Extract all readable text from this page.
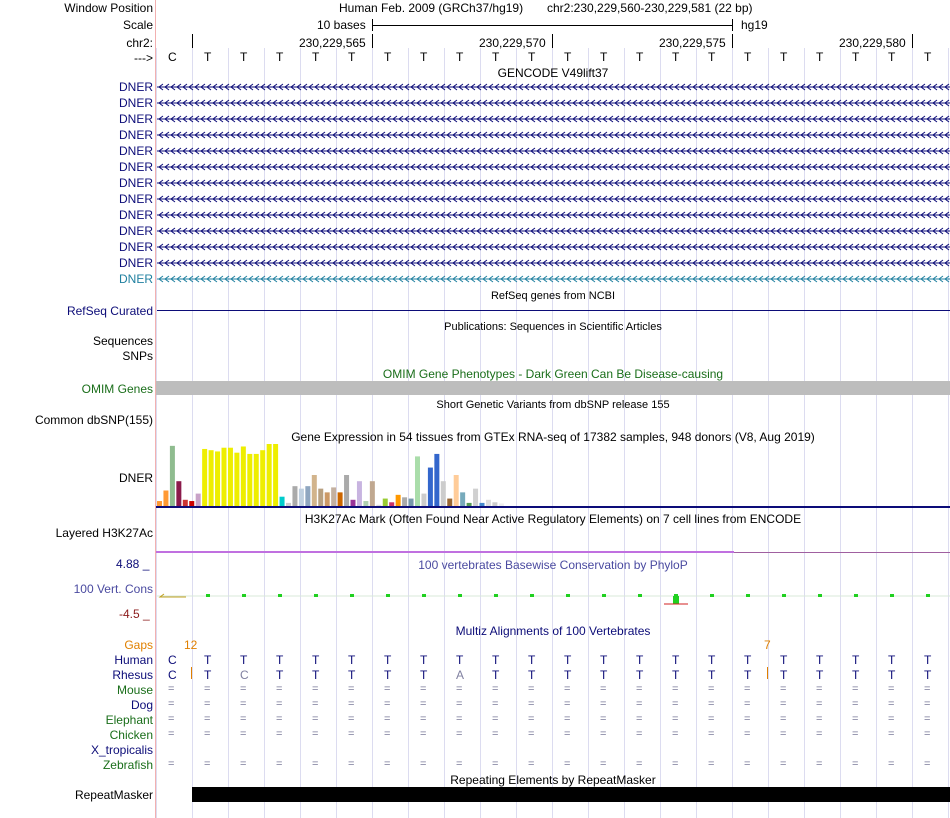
Window Position	Human Feb. 2009 (GRCh37/hg19) chr2:230,229,560-230,229,581 (22 bp)
Scale	10 bases	hg19
chr2:	230,229,565	230,229,570	230,229,575	230,229,580
---> C T T T T T T T T T T T T T T T T T T T T T
GENCODE V49lift37
DNER
DNER
DNER
DNER
DNER
DNER
DNER
DNER
DNER
DNER
DNER
DNER
DNER
RefSeq genes from NCBI
RefSeq Curated
Publications: Sequences in Scientific Articles
Sequences
SNPs
OMIM Gene Phenotypes - Dark Green Can Be Disease-causing
OMIM Genes
Short Genetic Variants from dbSNP release 155
Common dbSNP(155)
Gene Expression in 54 tissues from GTEx RNA-seq of 17382 samples, 948 donors (V8, Aug 2019)
DNER
H3K27Ac Mark (Often Found Near Active Regulatory Elements) on 7 cell lines from ENCODE
Layered H3K27Ac
4.88 _	100 vertebrates Basewise Conservation by PhyloP
100 Vert. Cons
-4.5 _
Multiz Alignments of 100 Vertebrates
Gaps	12	7
Human C T T T T T T T T T T T T T T T T T T T T T
Rhesus C T C T T T T T A T T T T T T T T T T T T T
Mouse =	=	=	=	=	=	=	=	=	=	=	=	=	=	=	=	=	=	=	=	=	=
Dog =	=	=	=	=	=	=	=	=	=	=	=	=	=	=	=	=	=	=	=	=	=
Elephant =	=	=	=	=	=	=	=	=	=	=	=	=	=	=	=	=	=	=	=	=	=
Chicken =	=	=	=	=	=	=	=	=	=	=	=	=	=	=	=	=	=	=	=	=	=
X_tropicalis
Zebrafish =	=	=	=	=	=	=	=	=	=	=	=	=	=	=	=	=	=	=	=	=	=
Repeating Elements by RepeatMasker
RepeatMasker
